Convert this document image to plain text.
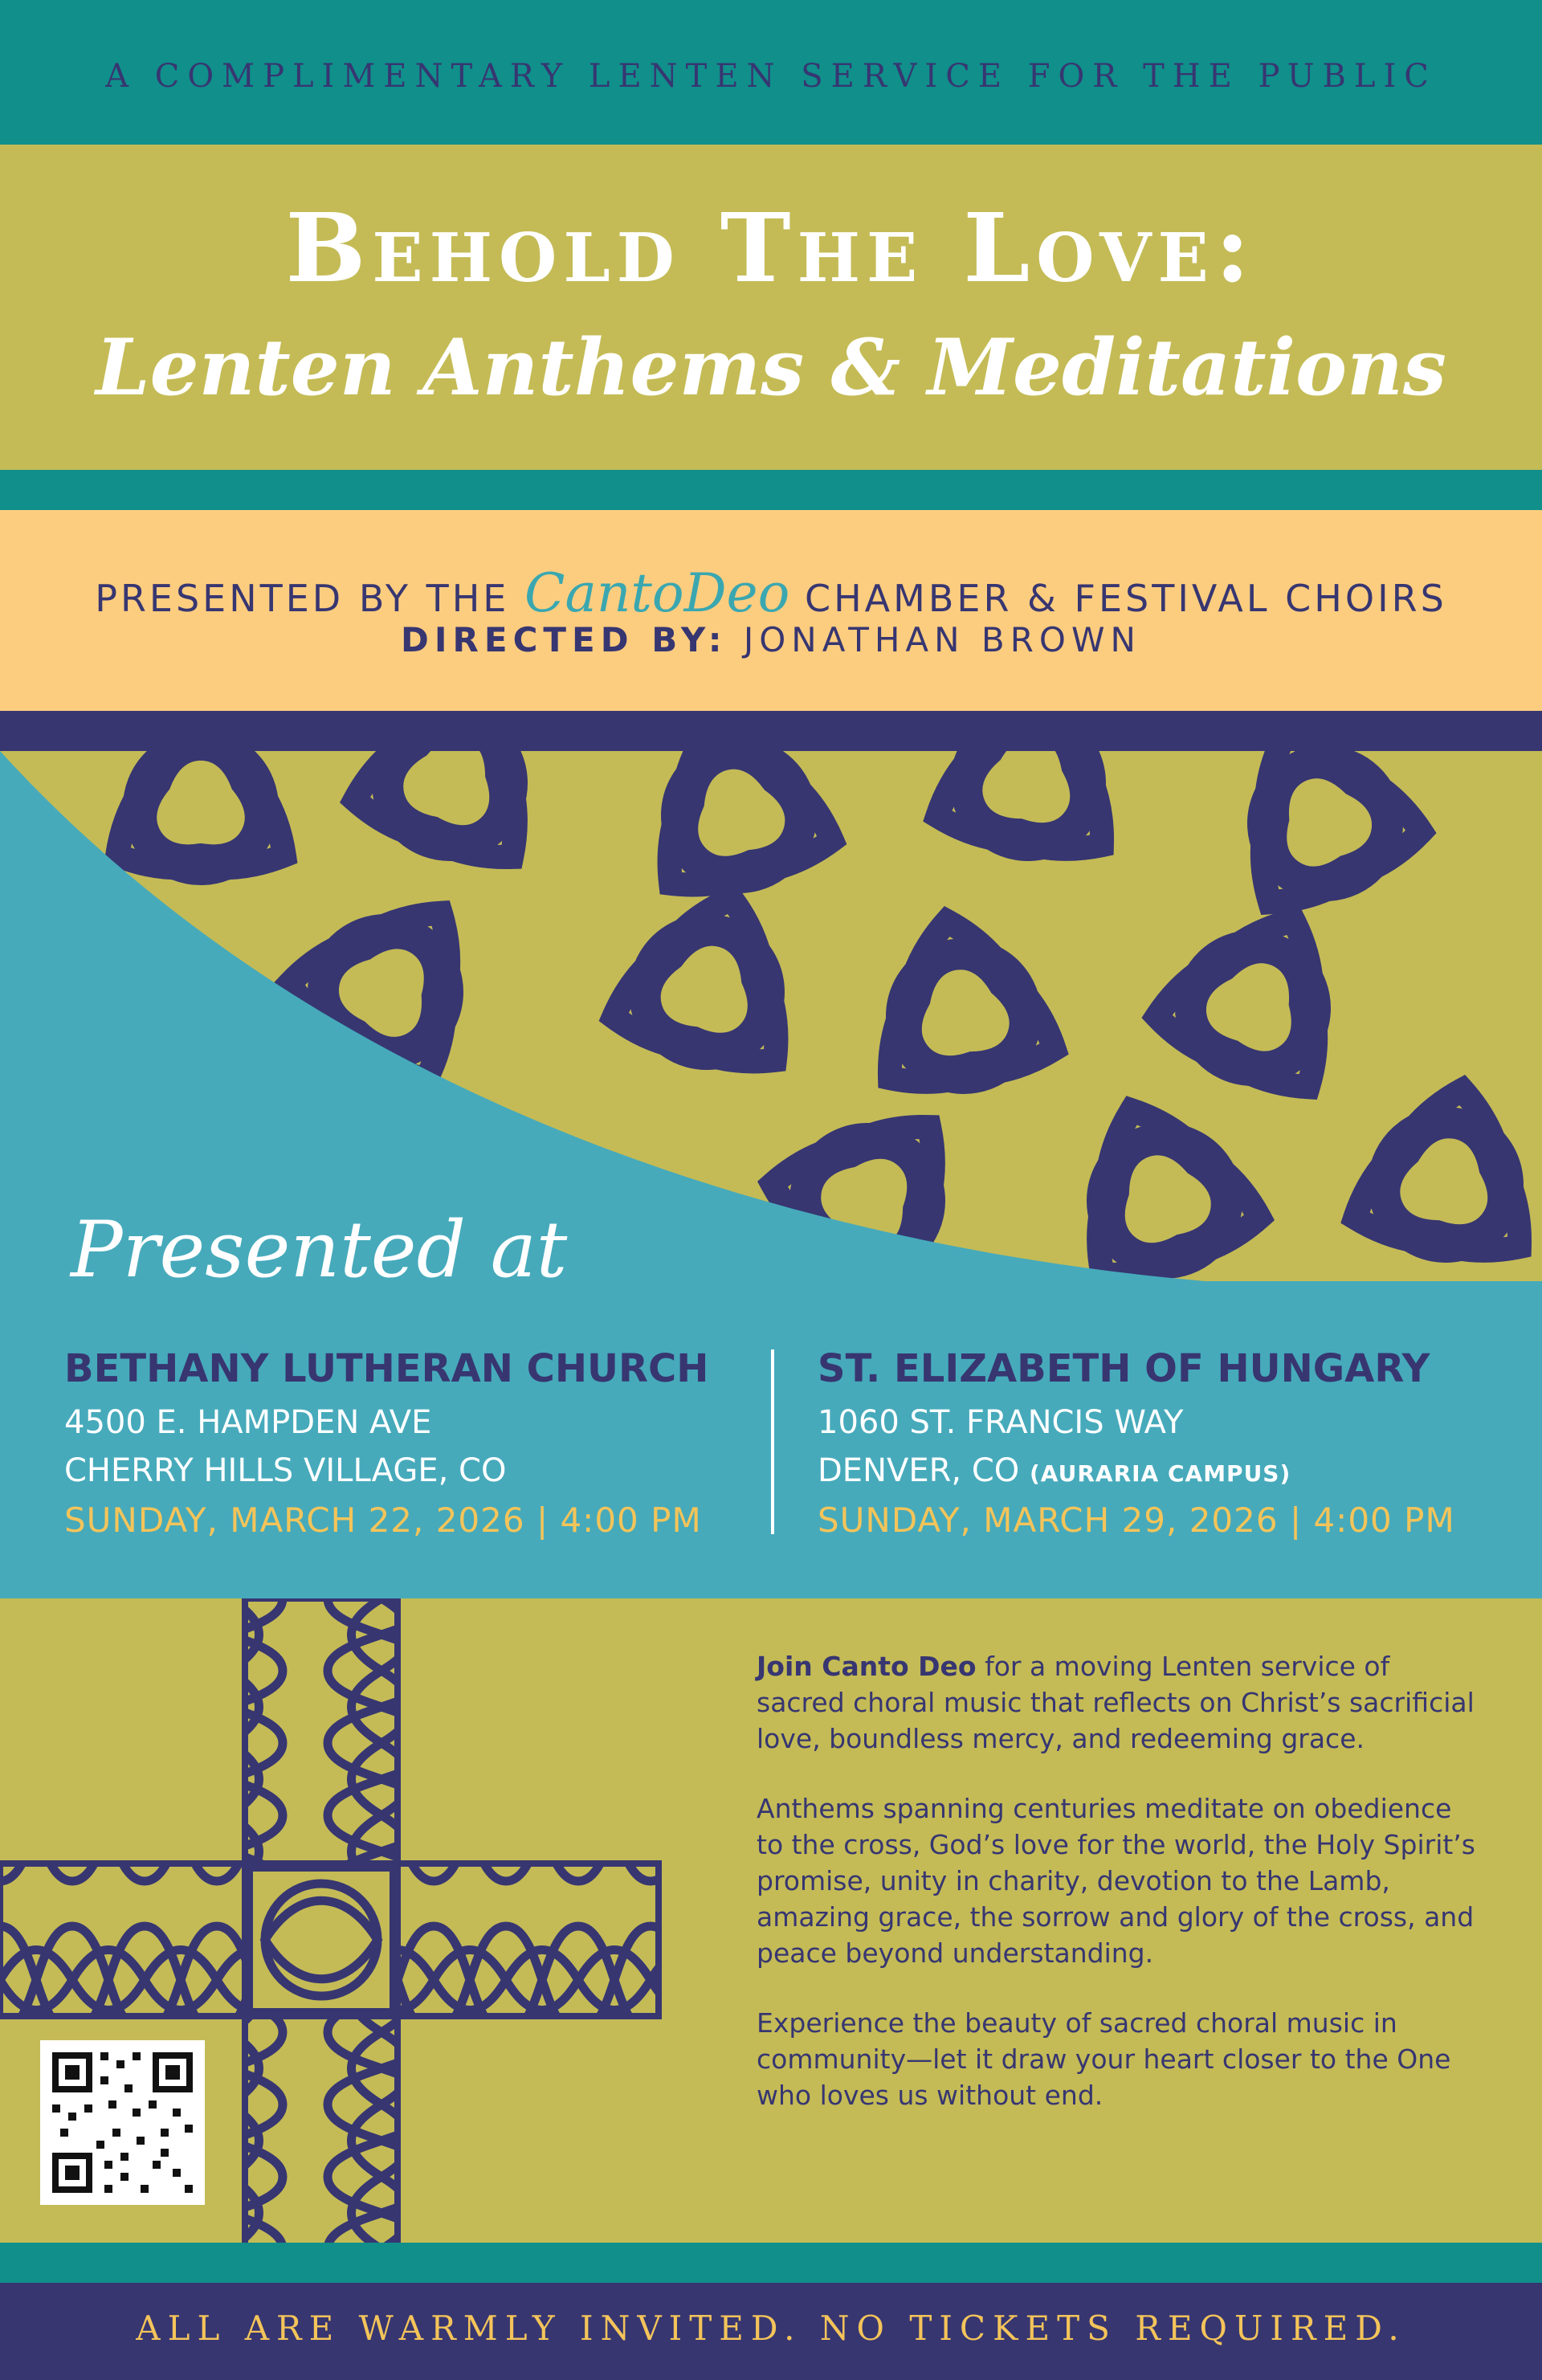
A COMPLIMENTARY LENTEN SERVICE FOR THE PUBLIC

Behold The Love:
Lenten Anthems & Meditations

PRESENTED BY THE CantoDeo CHAMBER & FESTIVAL CHOIRS

DIRECTED BY: JONATHAN BROWN

Presented at

BETHANY LUTHERAN CHURCH

4500 E. HAMPDEN AVE

CHERRY HILLS VILLAGE, CO

SUNDAY, MARCH 22, 2026 | 4:00 PM

ST. ELIZABETH OF HUNGARY

1060 ST. FRANCIS WAY

DENVER, CO (AURARIA CAMPUS)

SUNDAY, MARCH 29, 2026 | 4:00 PM

Join Canto Deo for a moving Lenten service of sacred choral music that reflects on Christ’s sacrificial love, boundless mercy, and redeeming grace.

Anthems spanning centuries meditate on obedience to the cross, God’s love for the world, the Holy Spirit’s promise, unity in charity, devotion to the Lamb, amazing grace, the sorrow and glory of the cross, and peace beyond understanding.

Experience the beauty of sacred choral music in community—let it draw your heart closer to the One who loves us without end.

ALL ARE WARMLY INVITED. NO TICKETS REQUIRED.
